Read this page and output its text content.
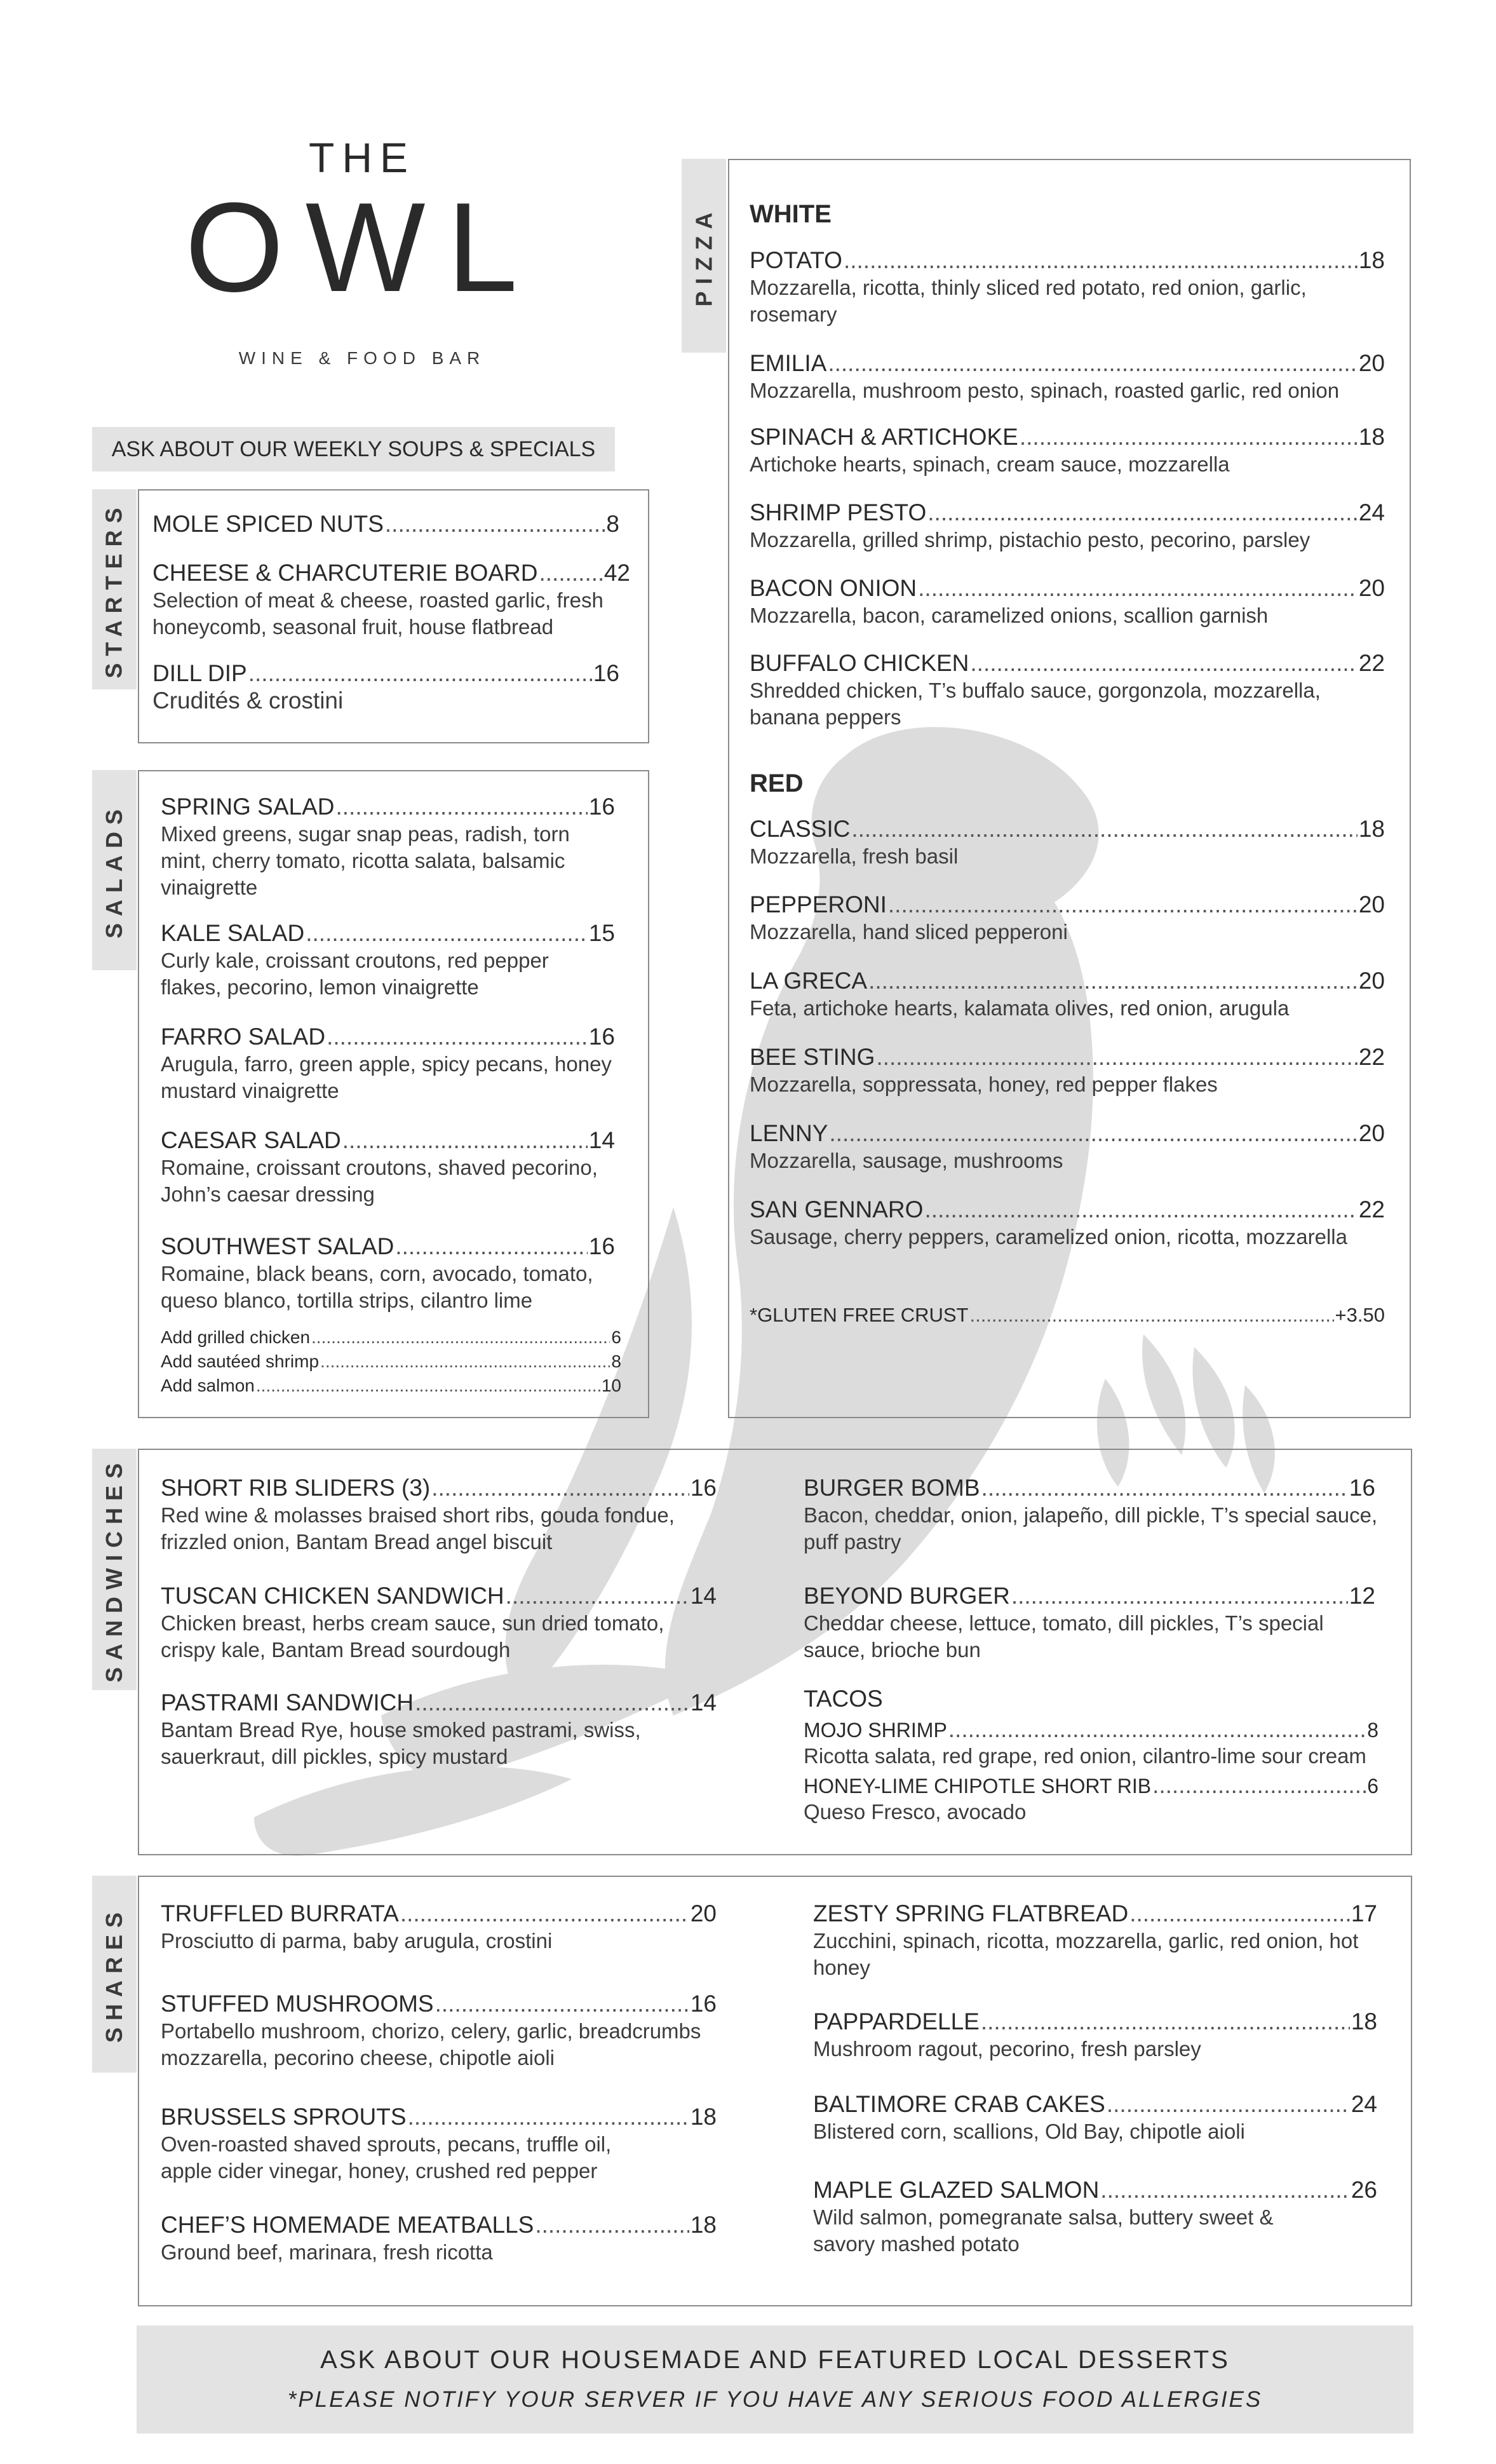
THE
OWL
WINE & FOOD BAR
ASK ABOUT OUR WEEKLY SOUPS & SPECIALS
STARTERS MOLE SPICED NUTS .....	8
CHEESE & CHARCUTERIE BOARD .....	42
Selection of meat & cheese, roasted garlic, fresh honeycomb, seasonal fruit, house flatbread
DILL DIP .....	16
Crudités & crostini
SALADS SPRING SALAD .....	16
Mixed greens, sugar snap peas, radish, torn mint, cherry tomato, ricotta salata, balsamic vinaigrette
KALE SALAD .....	15
Curly kale, croissant croutons, red pepper flakes, pecorino, lemon vinaigrette
FARRO SALAD .....	16
Arugula, farro, green apple, spicy pecans, honey mustard vinaigrette
CAESAR SALAD .....	14
Romaine, croissant croutons, shaved pecorino, John’s caesar dressing
SOUTHWEST SALAD .....	16
Romaine, black beans, corn, avocado, tomato, queso blanco, tortilla strips, cilantro lime
Add grilled chicken .....	6
Add sautéed shrimp .....	8
Add salmon .....	10
PIZZA WHITE
POTATO .....	18
Mozzarella, ricotta, thinly sliced red potato, red onion, garlic, rosemary
EMILIA .....	20
Mozzarella, mushroom pesto, spinach, roasted garlic, red onion
SPINACH & ARTICHOKE .....	18
Artichoke hearts, spinach, cream sauce, mozzarella
SHRIMP PESTO .....	24
Mozzarella, grilled shrimp, pistachio pesto, pecorino, parsley
BACON ONION .....	20
Mozzarella, bacon, caramelized onions, scallion garnish
BUFFALO CHICKEN .....	22
Shredded chicken, T’s buffalo sauce, gorgonzola, mozzarella, banana peppers
RED
CLASSIC .....	18
Mozzarella, fresh basil
PEPPERONI .....	20
Mozzarella, hand sliced pepperoni
LA GRECA .....	20
Feta, artichoke hearts, kalamata olives, red onion, arugula
BEE STING .....	22
Mozzarella, soppressata, honey, red pepper flakes
LENNY .....	20
Mozzarella, sausage, mushrooms
SAN GENNARO .....	22
Sausage, cherry peppers, caramelized onion, ricotta, mozzarella
*GLUTEN FREE CRUST .....	+3.50
SANDWICHES SHORT RIB SLIDERS (3) .....	16
Red wine & molasses braised short ribs, gouda fondue, frizzled onion, Bantam Bread angel biscuit
TUSCAN CHICKEN SANDWICH .....	14
Chicken breast, herbs cream sauce, sun dried tomato, crispy kale, Bantam Bread sourdough
PASTRAMI SANDWICH .....	14
Bantam Bread Rye, house smoked pastrami, swiss, sauerkraut, dill pickles, spicy mustard
BURGER BOMB .....	16
Bacon, cheddar, onion, jalapeño, dill pickle, T’s special sauce, puff pastry
BEYOND BURGER .....	12
Cheddar cheese, lettuce, tomato, dill pickles, T’s special sauce, brioche bun
TACOS
MOJO SHRIMP .....	8
Ricotta salata, red grape, red onion, cilantro-lime sour cream
HONEY-LIME CHIPOTLE SHORT RIB .....	6
Queso Fresco, avocado
SHARES TRUFFLED BURRATA .....	20
Prosciutto di parma, baby arugula, crostini
STUFFED MUSHROOMS .....	16
Portabello mushroom, chorizo, celery, garlic, breadcrumbs mozzarella, pecorino cheese, chipotle aioli
BRUSSELS SPROUTS .....	18
Oven-roasted shaved sprouts, pecans, truffle oil, apple cider vinegar, honey, crushed red pepper
CHEF’S HOMEMADE MEATBALLS .....	18
Ground beef, marinara, fresh ricotta
ZESTY SPRING FLATBREAD .....	17
Zucchini, spinach, ricotta, mozzarella, garlic, red onion, hot honey
PAPPARDELLE .....	18
Mushroom ragout, pecorino, fresh parsley
BALTIMORE CRAB CAKES .....	24
Blistered corn, scallions, Old Bay, chipotle aioli
MAPLE GLAZED SALMON .....	26
Wild salmon, pomegranate salsa, buttery sweet & savory mashed potato
ASK ABOUT OUR HOUSEMADE AND FEATURED LOCAL DESSERTS
*PLEASE NOTIFY YOUR SERVER IF YOU HAVE ANY SERIOUS FOOD ALLERGIES
